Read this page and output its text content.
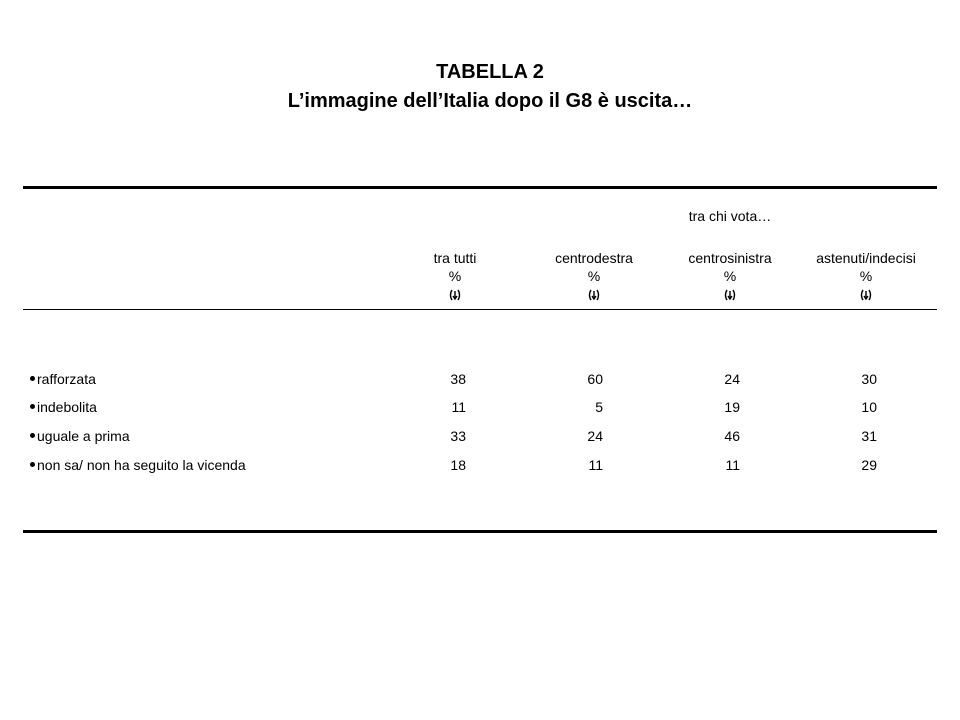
TABELLA 2
L’immagine dell’Italia dopo il G8 è uscita…
tra chi vota…
tra tutti	centrodestra	centrosinistra	astenuti/indecisi
%	%	%	%
rafforzata	38	60	24	30
indebolita	11	5	19	10
uguale a prima	33	24	46	31
non sa/ non ha seguito la vicenda	18	11	11	29
